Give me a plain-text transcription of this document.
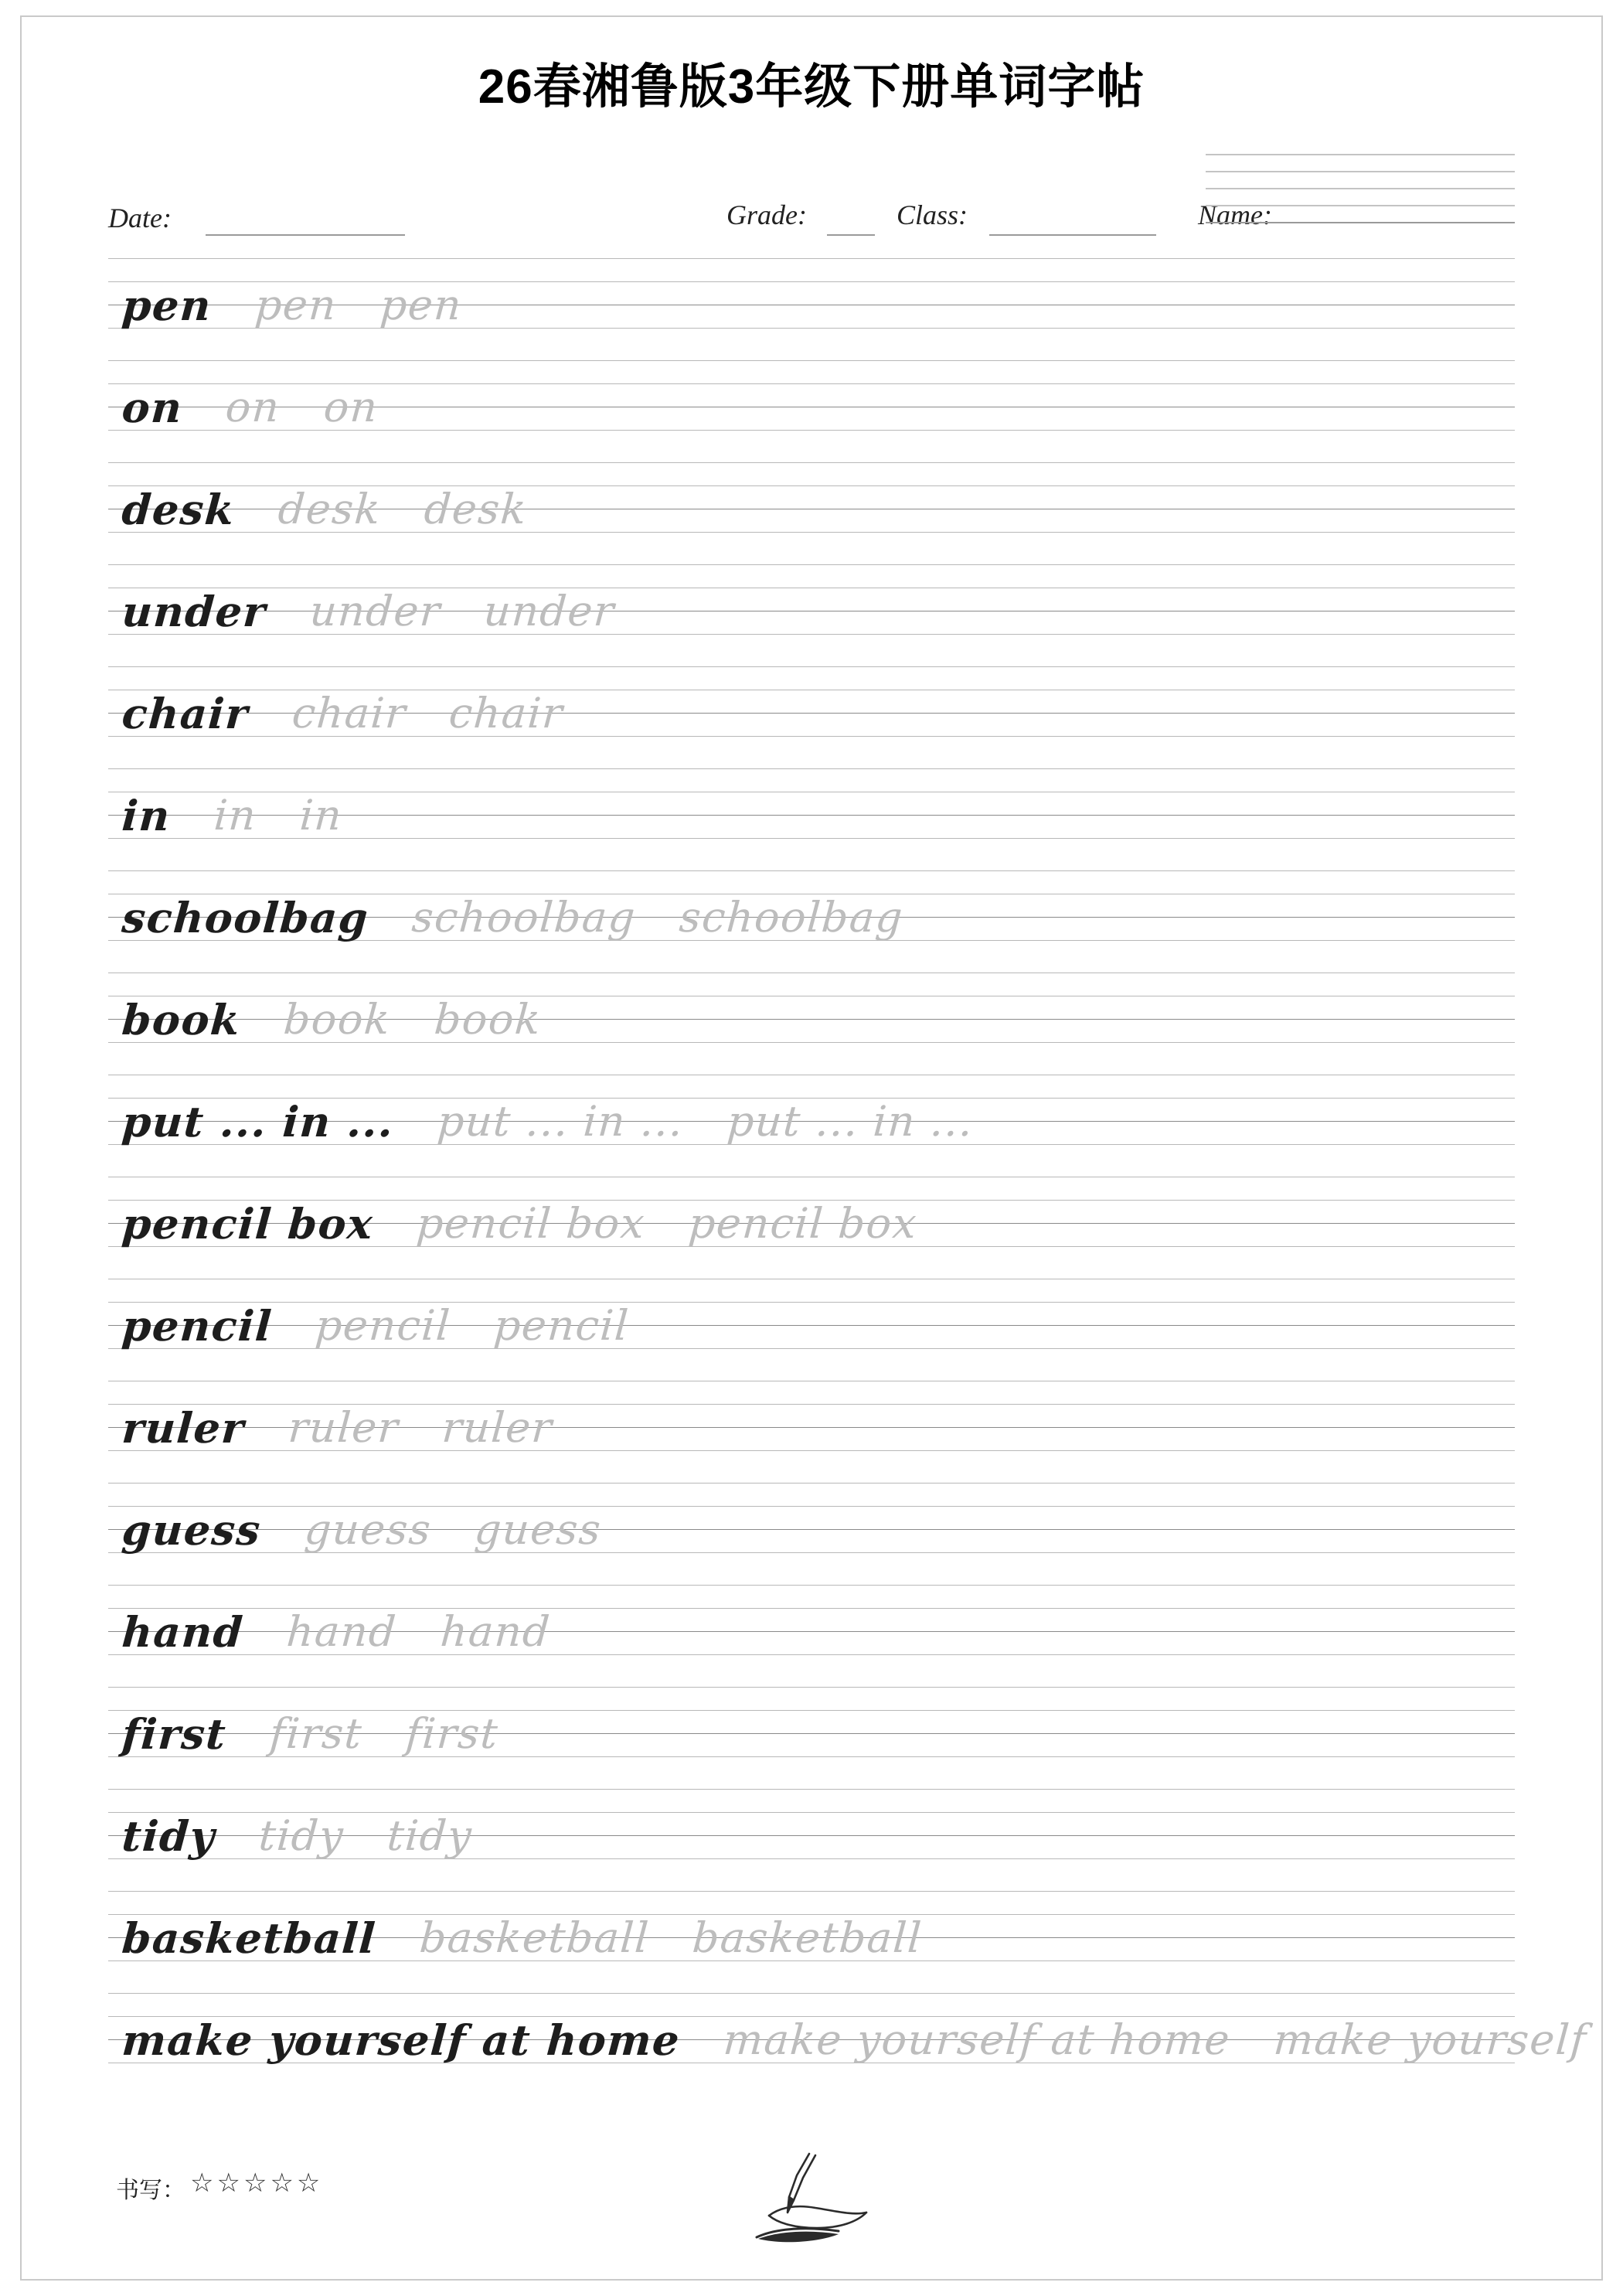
26春湘鲁版3年级下册单词字帖
Date:	Grade:	Class:	Name:
pen pen pen
on on on
desk desk desk
under under under
chair chair chair
in in in
schoolbag schoolbag schoolbag
book book book
put ... in ... put ... in ... put ... in ...
pencil box pencil box pencil box
pencil pencil pencil
ruler ruler ruler
guess guess guess
hand hand hand
first first first
tidy tidy tidy
basketball basketball basketball
make yourself at home make yourself at home make yourself
书写： ☆☆☆☆☆
